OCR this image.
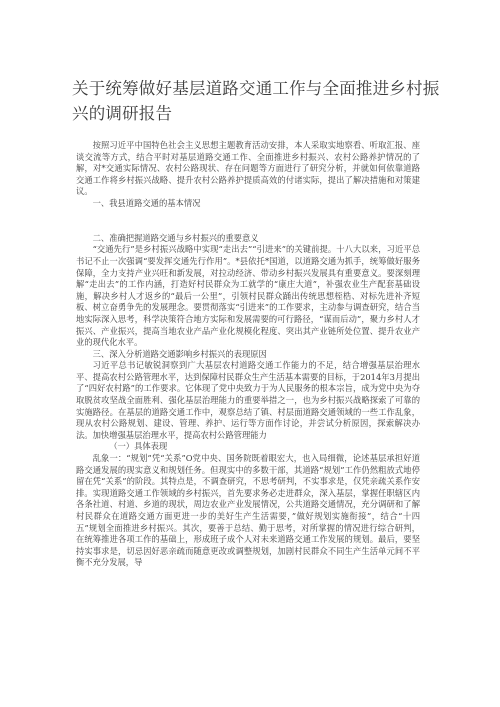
关于统筹做好基层道路交通工作与全面推进乡村振
兴的调研报告

按照习近平中国特色社会主义思想主题教育活动安排，本人采取实地察看、听取汇报、座谈交流等方式，结合平时对基层道路交通工作、全面推进乡村振兴、农村公路养护情况的了解，对*交通实际情况、农村公路现状、存在问题等方面进行了研究分析，并就如何依靠道路交通工作将乡村振兴战略、提升农村公路养护提质高效的付诸实际，提出了解决措施和对策建议。

一、我县道路交通的基本情况

二、准确把握道路交通与乡村振兴的重要意义

“交通先行”是乡村振兴战略中实现“走出去”“引进来”的关键前提。十八大以来，习近平总书记不止一次强调“要发挥交通先行作用”。*县依托*国道，以道路交通为抓手，统筹做好服务保障，全力支持产业兴旺和新发展，对拉动经济、带动乡村振兴发展具有重要意义。要深刻理解“走出去”的工作内涵，打造好村民群众为工就学的“康庄大道”，补强农业生产配套基础设施，解决乡村人才返乡的“最后一公里”，引领村民群众踊出传统思想桎梏、对标先进补齐短板、树立奋勇争先的发展理念。要贯彻落实“引进来”的工作要求，主动参与调查研究，结合当地实际深入思考，科学决策符合地方实际和发展需要的可行路径，“谋而后动”，聚力乡村人才振兴、产业振兴，提高当地农业产品产业化规模化程度、突出其产业链所处位置、提升农业产业的现代化水平。

三、深入分析道路交通影响乡村振兴的表现原因

习近平总书记敏锐洞察到广大基层农村道路交通工作能力的不足，结合增强基层治理水平、提高农村公路管理水平，达到保障村民群众生产生活基本需要的目标，于2014年3月提出了“四好农村路”的工作要求。它体现了党中央致力于为人民服务的根本宗旨，成为党中央为夺取脱贫攻坚战全面胜利、强化基层治理能力的重要举措之一，也为乡村振兴战略探索了可靠的实施路径。在基层的道路交通工作中，观察总结了镇、村层面道路交通领域的一些工作乱象，现从农村公路规划、建设、管理、养护、运行等方面作讨论，并尝试分析原因，探索解决办法。加快增强基层治理水平，提高农村公路管理能力

（一）具体表现

乱象一：“规划”凭“关系”O党中央、国务院既着眼宏大，也入局细微，论述基层承担好道路交通发展的现实意义和规划任务。但现实中的多数干部，其道路“规划”工作仍然粗放式地停留在凭“关系”的阶段。其特点是，不调查研究，不思考研判，不实事求是，仅凭亲疏关系作安排。实现道路交通工作领域的乡村振兴，首先要求务必走进群众，深入基层，掌握任职辖区内各条社道、村道、乡道的现状，周边农业产业发展情况，公共道路交通情况，充分调研和了解村民群众在道路交通方面更进一步的美好生产生活需要，”做好规划实施衔接”，结合“十四五”规划全面推进乡村振兴。其次，要善于总结、勤于思考，对所掌握的情况进行综合研判，在统筹推进各项工作的基础上，形成班子成个人对未来道路交通工作发展的规划。最后，要坚持实事求是，切忌因好恶亲疏而随意更改或调整规划，加剧村民群众不同生产生活单元间不平衡不充分发展，导
